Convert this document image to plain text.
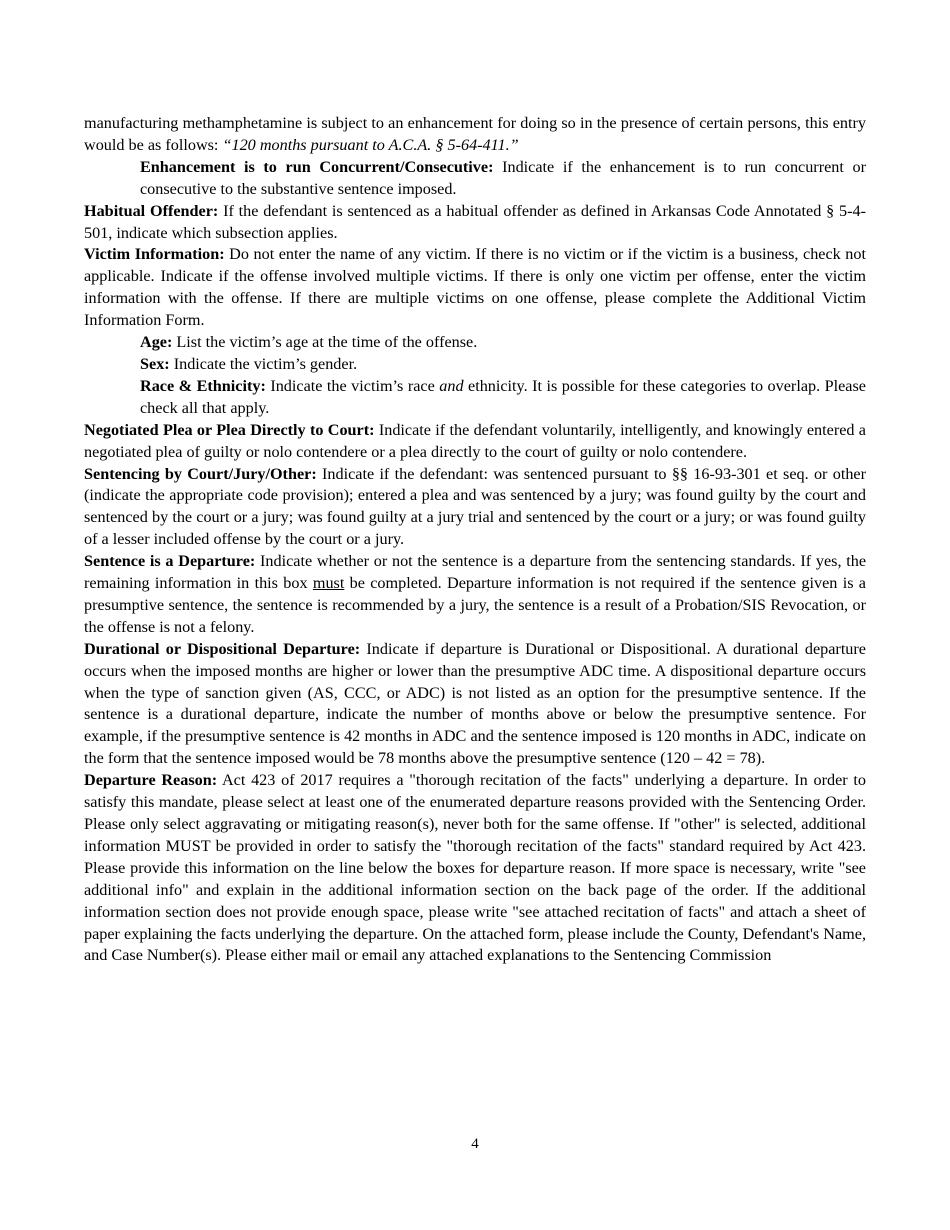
manufacturing methamphetamine is subject to an enhancement for doing so in the presence of certain persons, this entry would be as follows: “120 months pursuant to A.C.A. § 5-64-411.”

Enhancement is to run Concurrent/Consecutive: Indicate if the enhancement is to run concurrent or consecutive to the substantive sentence imposed.

Habitual Offender: If the defendant is sentenced as a habitual offender as defined in Arkansas Code Annotated § 5-4-501, indicate which subsection applies.

Victim Information: Do not enter the name of any victim. If there is no victim or if the victim is a business, check not applicable. Indicate if the offense involved multiple victims. If there is only one victim per offense, enter the victim information with the offense. If there are multiple victims on one offense, please complete the Additional Victim Information Form.

Age: List the victim’s age at the time of the offense.

Sex: Indicate the victim’s gender.

Race & Ethnicity: Indicate the victim’s race and ethnicity. It is possible for these categories to overlap. Please check all that apply.

Negotiated Plea or Plea Directly to Court: Indicate if the defendant voluntarily, intelligently, and knowingly entered a negotiated plea of guilty or nolo contendere or a plea directly to the court of guilty or nolo contendere.

Sentencing by Court/Jury/Other: Indicate if the defendant: was sentenced pursuant to §§ 16-93-301 et seq. or other (indicate the appropriate code provision); entered a plea and was sentenced by a jury; was found guilty by the court and sentenced by the court or a jury; was found guilty at a jury trial and sentenced by the court or a jury; or was found guilty of a lesser included offense by the court or a jury.

Sentence is a Departure: Indicate whether or not the sentence is a departure from the sentencing standards. If yes, the remaining information in this box must be completed. Departure information is not required if the sentence given is a presumptive sentence, the sentence is recommended by a jury, the sentence is a result of a Probation/SIS Revocation, or the offense is not a felony.

Durational or Dispositional Departure: Indicate if departure is Durational or Dispositional. A durational departure occurs when the imposed months are higher or lower than the presumptive ADC time. A dispositional departure occurs when the type of sanction given (AS, CCC, or ADC) is not listed as an option for the presumptive sentence. If the sentence is a durational departure, indicate the number of months above or below the presumptive sentence. For example, if the presumptive sentence is 42 months in ADC and the sentence imposed is 120 months in ADC, indicate on the form that the sentence imposed would be 78 months above the presumptive sentence (120 – 42 = 78).

Departure Reason: Act 423 of 2017 requires a "thorough recitation of the facts" underlying a departure. In order to satisfy this mandate, please select at least one of the enumerated departure reasons provided with the Sentencing Order. Please only select aggravating or mitigating reason(s), never both for the same offense. If "other" is selected, additional information MUST be provided in order to satisfy the "thorough recitation of the facts" standard required by Act 423. Please provide this information on the line below the boxes for departure reason. If more space is necessary, write "see additional info" and explain in the additional information section on the back page of the order. If the additional information section does not provide enough space, please write "see attached recitation of facts" and attach a sheet of paper explaining the facts underlying the departure. On the attached form, please include the County, Defendant's Name, and Case Number(s). Please either mail or email any attached explanations to the Sentencing Commission

4
